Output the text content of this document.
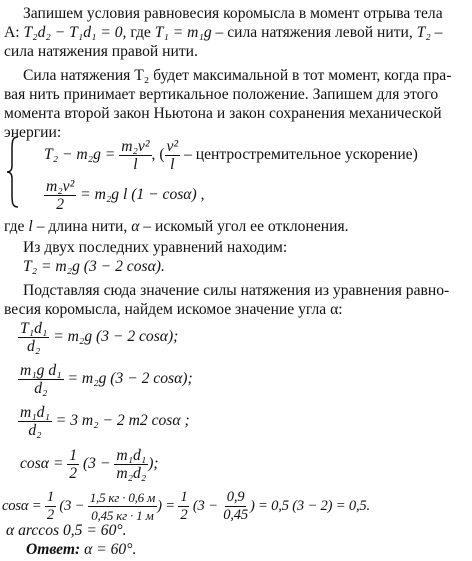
Запишем условия равновесия коромысла в момент отрыва тела
А: T₂d₂ − T₁d₁ = 0, где T₁ = m₁g – сила натяжения левой нити, T₂ –
сила натяжения правой нити.
Сила натяжения T₂ будет максимальной в тот момент, когда пра-
вая нить принимает вертикальное положение. Запишем для этого
момента второй закон Ньютона и закон сохранения механической
энергии:
$T_2 - m_2g = \frac{\text{m₂v²}}{l}$ , ( $\frac{\text{v²}}{l}$ – центростремительное ускорение)
$\frac{\text{m₂v²}}{2} = m_2g$ l (1 − cosα) ,
где l – длина нити, α – искомый угол ее отклонения.
Из двух последних уравнений находим:
T₂ = m₂g (3 − 2 cosα).
Подставляя сюда значение силы натяжения из уравнения равно-
весия коромысла, найдем искомое значение угла α:
$\frac{\text{T₁d₁}}{\text{d₂}} = m_2g$ (3 − 2 cosα);
$\frac{\text{m₁g d₁}}{\text{d₂}} = m_2g$ (3 − 2 cosα);
$\frac{\text{m₁d₁}}{\text{d₂}} = 3$ m₂ − 2 m2 cosα ;
$\cos\alpha = \frac{1}{2} (3 - \frac{\text{m₁d₁}}{\text{m₂d₂}}$ );
$\cos\alpha = \frac{1}{2} (3 - \frac{1,5 кг \cdot 0,6 м}{0,45 кг \cdot 1 м}$ ) = $\frac{1}{2} (3 - \frac{0,9}{0,45}$ ) = 0,5 (3 − 2) = 0,5.
α arccos 0,5 = 60°.
Ответ: α = 60°.
